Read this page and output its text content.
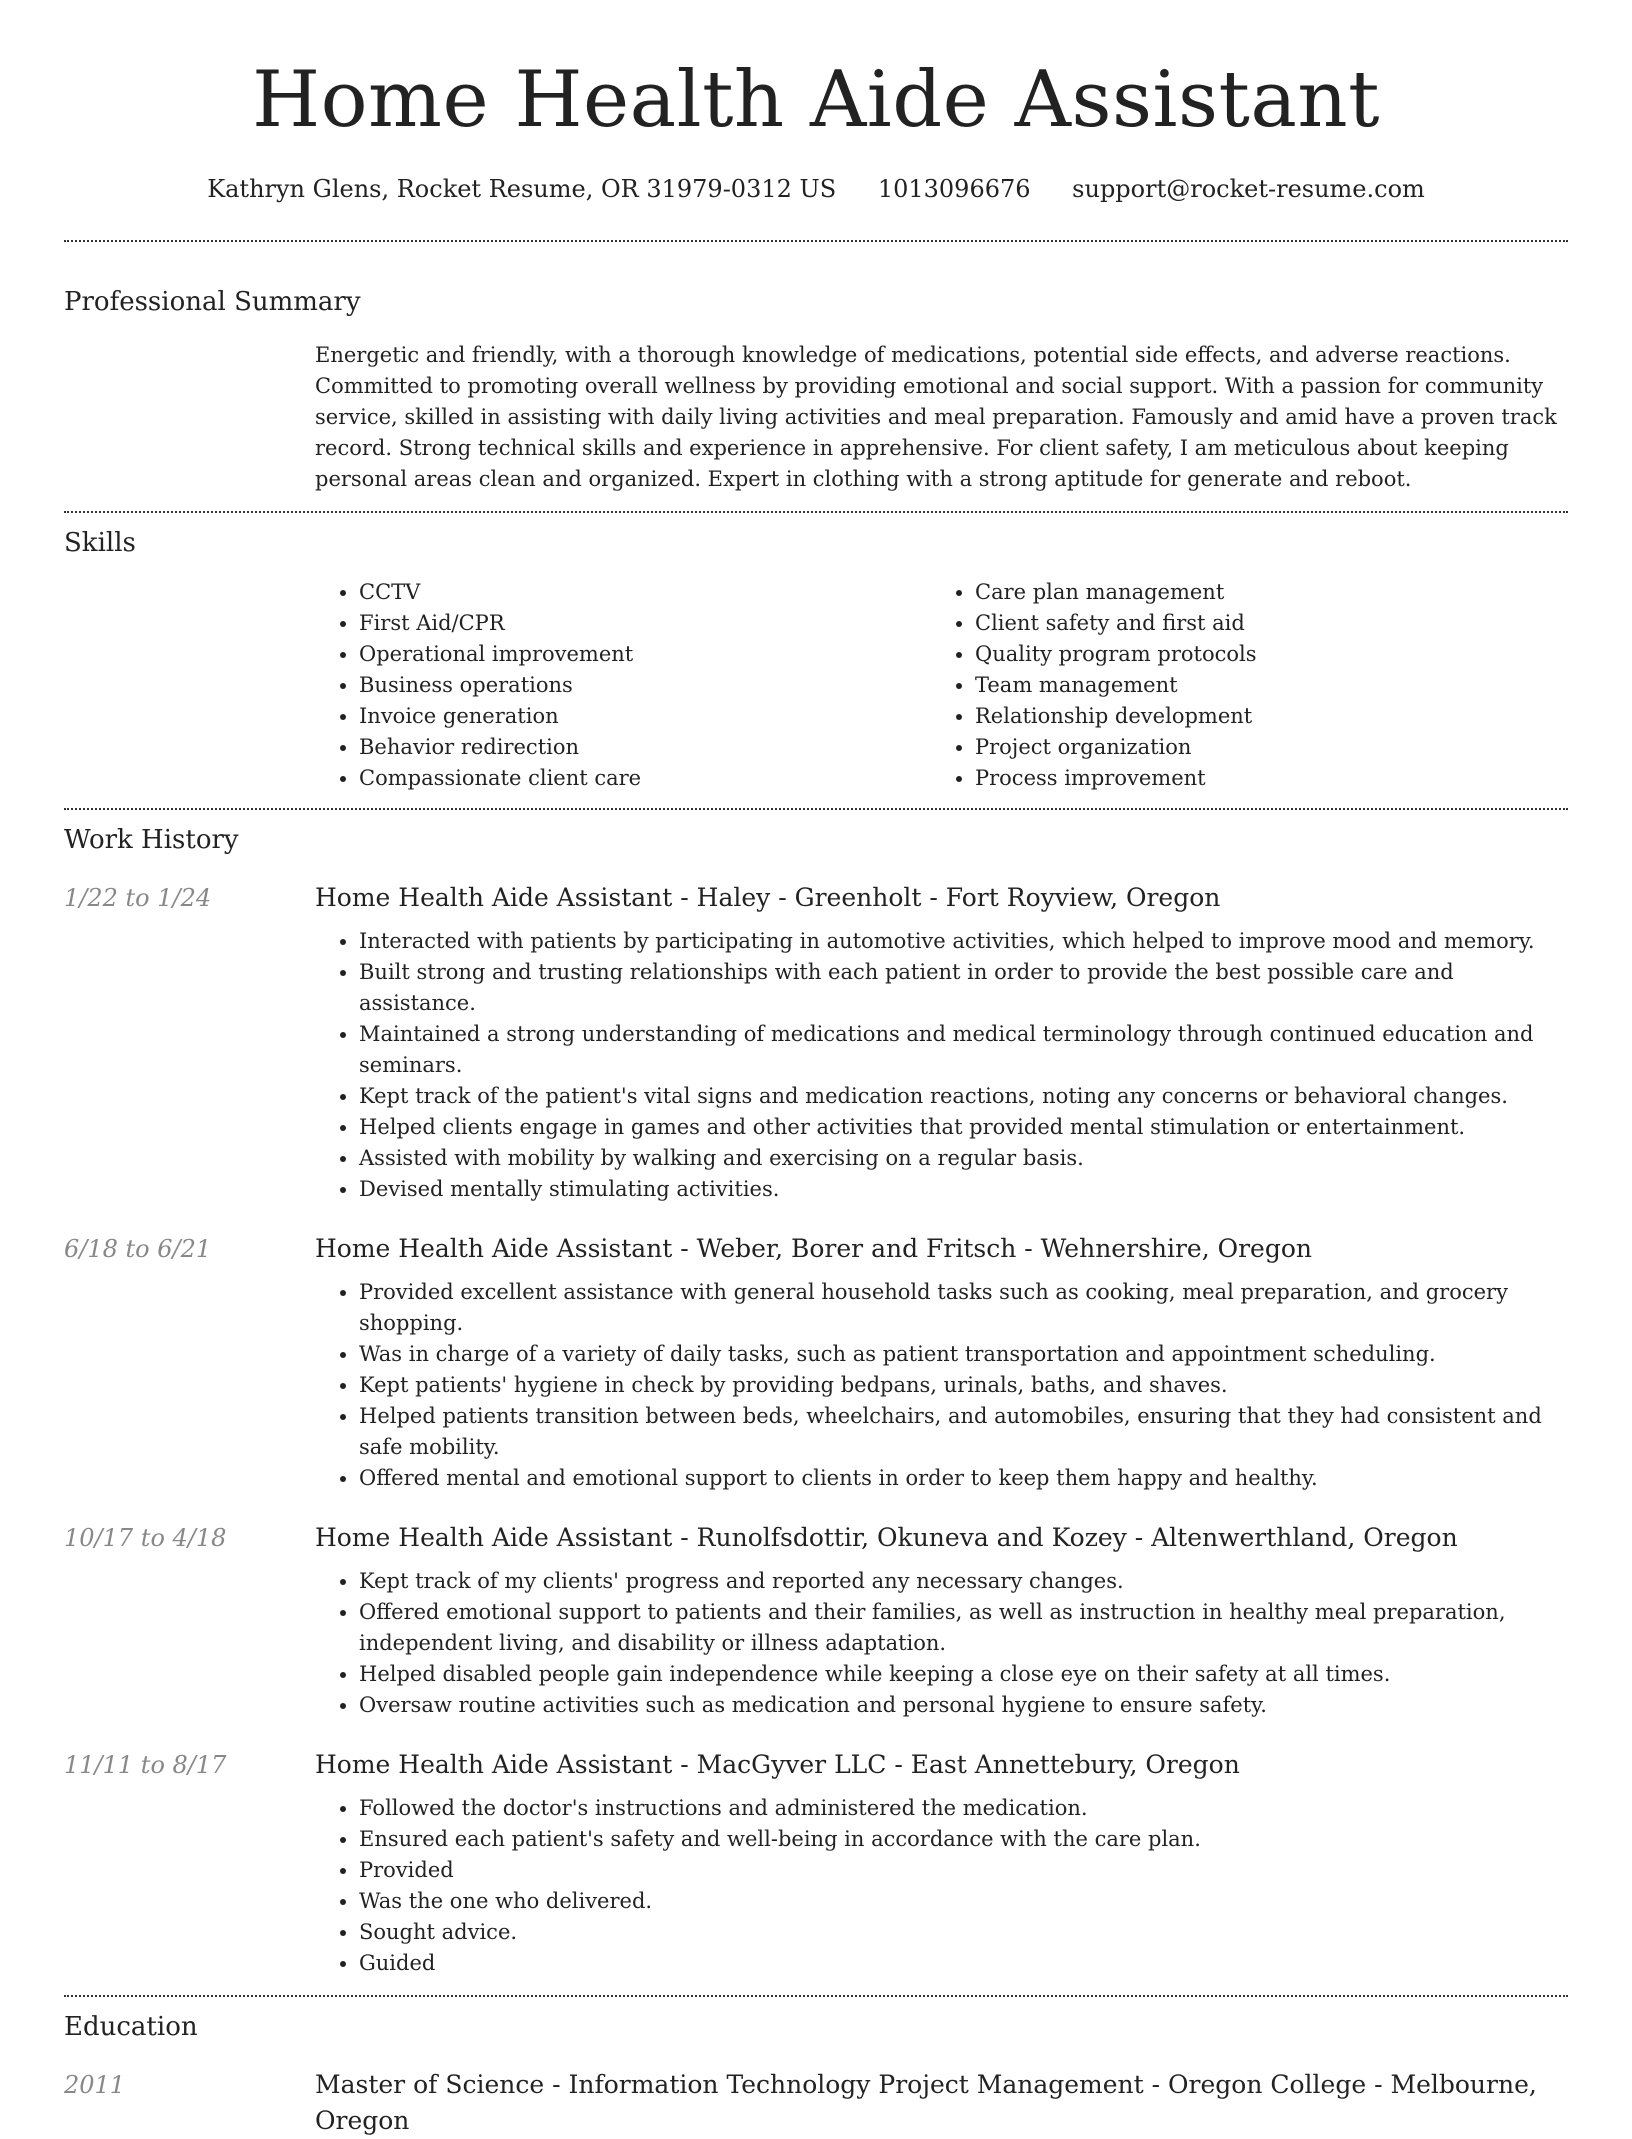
Home Health Aide Assistant
Kathryn Glens, Rocket Resume, OR 31979-0312 US 1013096676 support@rocket-resume.com
Professional Summary
Energetic and friendly, with a thorough knowledge of medications, potential side effects, and adverse reactions. Committed to promoting overall wellness by providing emotional and social support. With a passion for community service, skilled in assisting with daily living activities and meal preparation. Famously and amid have a proven track record. Strong technical skills and experience in apprehensive. For client safety, I am meticulous about keeping personal areas clean and organized. Expert in clothing with a strong aptitude for generate and reboot.
Skills
• CCTV
• First Aid/CPR
• Operational improvement
• Business operations
• Invoice generation
• Behavior redirection
• Compassionate client care
• Care plan management
• Client safety and first aid
• Quality program protocols
• Team management
• Relationship development
• Project organization
• Process improvement
Work History
1/22 to 1/24	Home Health Aide Assistant - Haley - Greenholt - Fort Royview, Oregon
• Interacted with patients by participating in automotive activities, which helped to improve mood and memory.
• Built strong and trusting relationships with each patient in order to provide the best possible care and assistance.
• Maintained a strong understanding of medications and medical terminology through continued education and seminars.
• Kept track of the patient's vital signs and medication reactions, noting any concerns or behavioral changes.
• Helped clients engage in games and other activities that provided mental stimulation or entertainment.
• Assisted with mobility by walking and exercising on a regular basis.
• Devised mentally stimulating activities.
6/18 to 6/21	Home Health Aide Assistant - Weber, Borer and Fritsch - Wehnershire, Oregon
• Provided excellent assistance with general household tasks such as cooking, meal preparation, and grocery shopping.
• Was in charge of a variety of daily tasks, such as patient transportation and appointment scheduling.
• Kept patients' hygiene in check by providing bedpans, urinals, baths, and shaves.
• Helped patients transition between beds, wheelchairs, and automobiles, ensuring that they had consistent and safe mobility.
• Offered mental and emotional support to clients in order to keep them happy and healthy.
10/17 to 4/18	Home Health Aide Assistant - Runolfsdottir, Okuneva and Kozey - Altenwerthland, Oregon
• Kept track of my clients' progress and reported any necessary changes.
• Offered emotional support to patients and their families, as well as instruction in healthy meal preparation, independent living, and disability or illness adaptation.
• Helped disabled people gain independence while keeping a close eye on their safety at all times.
• Oversaw routine activities such as medication and personal hygiene to ensure safety.
11/11 to 8/17	Home Health Aide Assistant - MacGyver LLC - East Annettebury, Oregon
• Followed the doctor's instructions and administered the medication.
• Ensured each patient's safety and well-being in accordance with the care plan.
• Provided
• Was the one who delivered.
• Sought advice.
• Guided
Education
2011	Master of Science - Information Technology Project Management - Oregon College - Melbourne, Oregon
